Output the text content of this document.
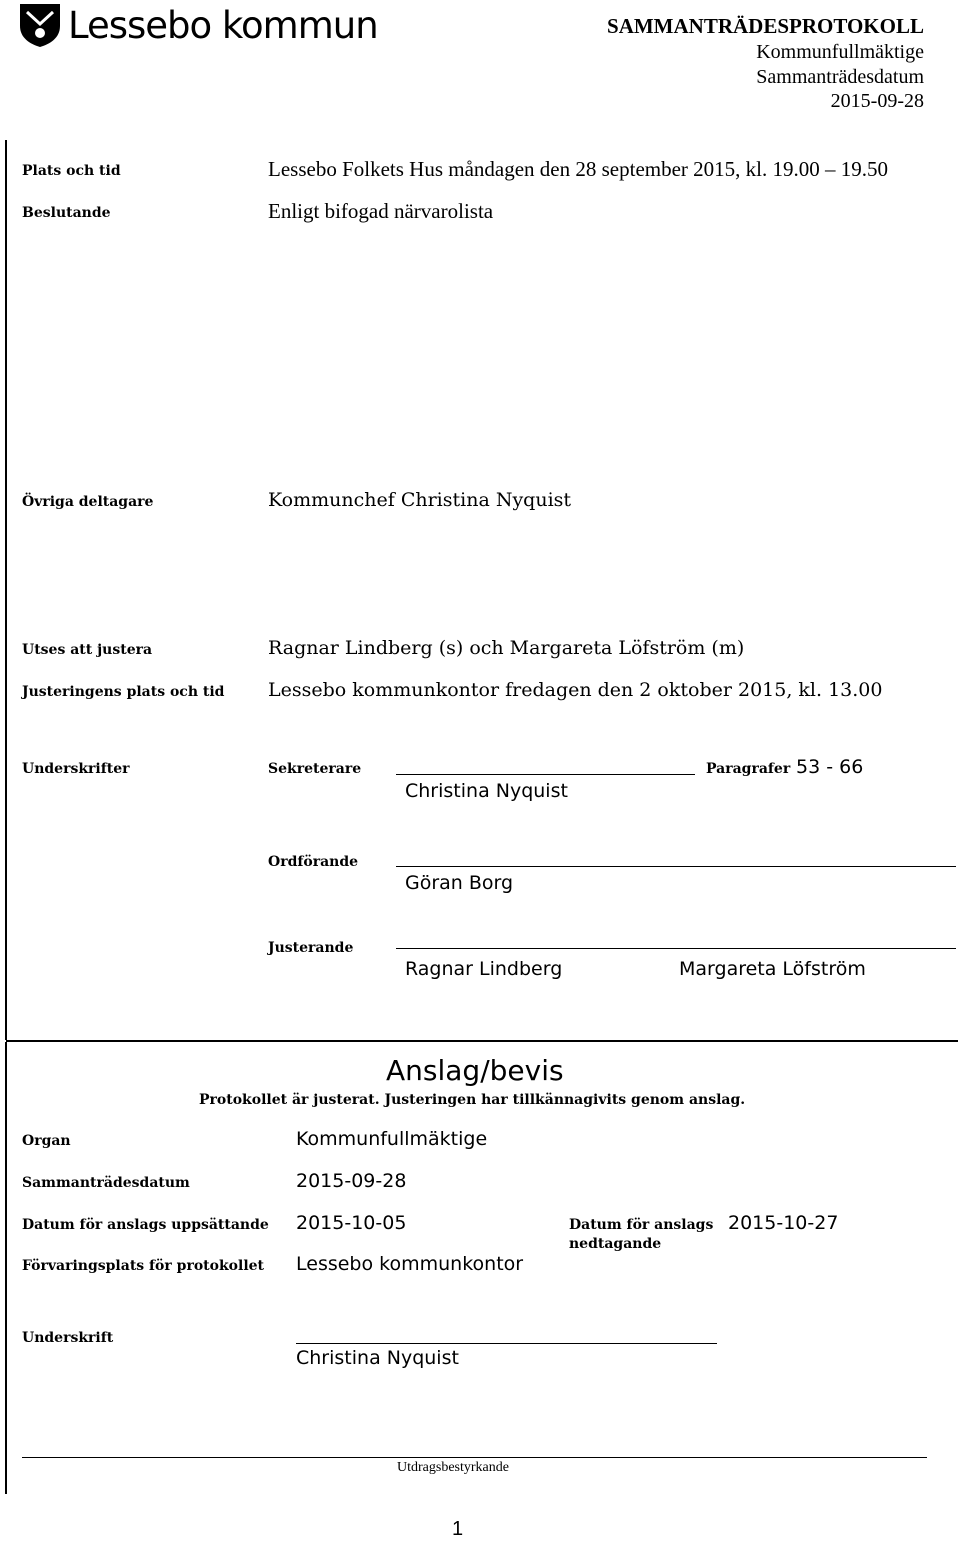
Lessebo kommun	SAMMANTRÄDESPROTOKOLL
Kommunfullmäktige
Sammanträdesdatum
2015-09-28
Plats och tid	Lessebo Folkets Hus måndagen den 28 september 2015, kl. 19.00 – 19.50
Beslutande	Enligt bifogad närvarolista
Övriga deltagare	Kommunchef Christina Nyquist
Utses att justera	Ragnar Lindberg (s) och Margareta Löfström (m)
Justeringens plats och tid Lessebo kommunkontor fredagen den 2 oktober 2015, kl. 13.00
Underskrifter	Sekreterare	Paragrafer 53 - 66
Christina Nyquist
Ordförande
Göran Borg
Justerande
Ragnar Lindberg	Margareta Löfström
Anslag/bevis
Protokollet är justerat. Justeringen har tillkännagivits genom anslag.
Organ	Kommunfullmäktige
Sammanträdesdatum	2015-09-28
Datum för anslags uppsättande 2015-10-05	Datum för anslags
nedtagande
2015-10-27
Förvaringsplats för protokollet Lessebo kommunkontor
Underskrift
Christina Nyquist
Utdragsbestyrkande
1
